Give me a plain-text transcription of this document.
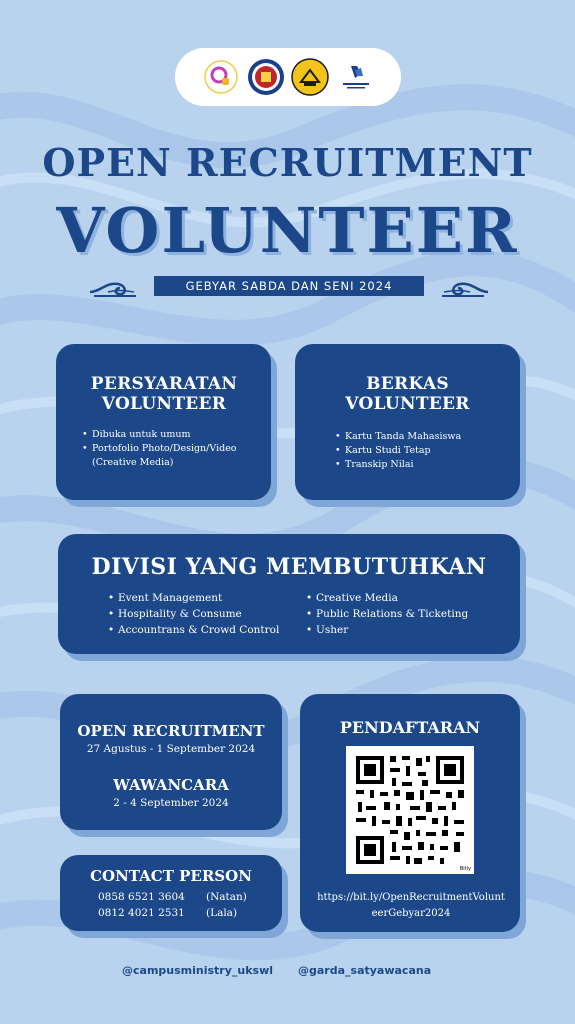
OPEN RECRUITMENT
VOLUNTEER
GEBYAR SABDA DAN SENI 2024
PERSYARATAN VOLUNTEER
• Dibuka untuk umum
• Portofolio Photo/Design/Video (Creative Media)
BERKAS VOLUNTEER
• Kartu Tanda Mahasiswa
• Kartu Studi Tetap
• Transkip Nilai
DIVISI YANG MEMBUTUHKAN
• Event Management
• Hospitality & Consume
• Accountrans & Crowd Control
• Creative Media
• Public Relations & Ticketing
• Usher
OPEN RECRUITMENT
27 Agustus - 1 September 2024
WAWANCARA
2 - 4 September 2024
CONTACT PERSON
0858 6521 3604 (Natan)
0812 4021 2531 (Lala)
PENDAFTARAN
Bitly
https://bit.ly/OpenRecruitmentVolunteerGebyar2024
@campusministry_ukswl @garda_satyawacana
